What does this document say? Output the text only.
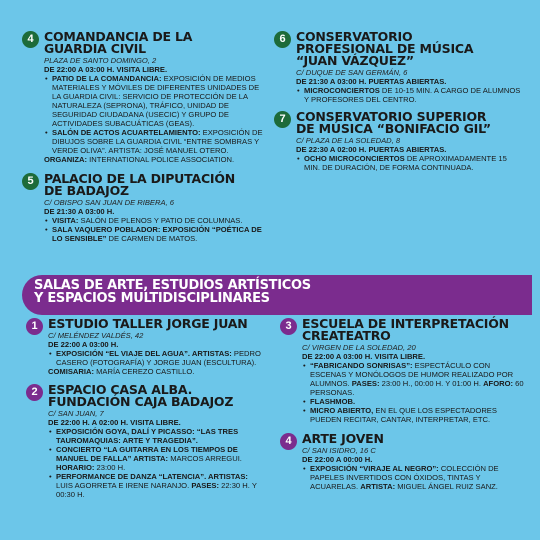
4 COMANDANCIA DE LA
GUARDIA CIVIL
PLAZA DE SANTO DOMINGO, 2
DE 22:00 A 03:00 H. VISITA LIBRE.
• PATIO DE LA COMANDANCIA: EXPOSICIÓN DE MEDIOS MATERIALES Y MÓVILES DE DIFERENTES UNIDADES DE LA GUARDIA CIVIL: SERVICIO DE PROTECCIÓN DE LA NATURALEZA (SEPRONA), TRÁFICO, UNIDAD DE SEGURIDAD CIUDADANA (USECIC) Y GRUPO DE ACTIVIDADES SUBACUÁTICAS (GEAS).
• SALÓN DE ACTOS ACUARTELAMIENTO: EXPOSICIÓN DE DIBUJOS SOBRE LA GUARDIA CIVIL “ENTRE SOMBRAS Y VERDE OLIVA”. ARTISTA: JOSÉ MANUEL OTERO.
ORGANIZA: INTERNATIONAL POLICE ASSOCIATION.
5 PALACIO DE LA DIPUTACIÓN
DE BADAJOZ
C/ OBISPO SAN JUAN DE RIBERA, 6
DE 21:30 A 03:00 H.
• VISITA: SALÓN DE PLENOS Y PATIO DE COLUMNAS.
• SALA VAQUERO POBLADOR: EXPOSICIÓN “POÉTICA DE LO SENSIBLE” DE CARMEN DE MATOS.
6 CONSERVATORIO
PROFESIONAL DE MÚSICA
“JUAN VÁZQUEZ”
C/ DUQUE DE SAN GERMÁN, 6
DE 21:30 A 03:00 H. PUERTAS ABIERTAS.
• MICROCONCIERTOS DE 10-15 MIN. A CARGO DE ALUMNOS Y PROFESORES DEL CENTRO.
7 CONSERVATORIO SUPERIOR
DE MÚSICA “BONIFACIO GIL”
C/ PLAZA DE LA SOLEDAD, 8
DE 22:30 A 02:00 H. PUERTAS ABIERTAS.
• OCHO MICROCONCIERTOS DE APROXIMADAMENTE 15 MIN. DE DURACIÓN, DE FORMA CONTINUADA.
SALAS DE ARTE, ESTUDIOS ARTÍSTICOS
Y ESPACIOS MULTIDISCIPLINARES
1 ESTUDIO TALLER JORGE JUAN
C/ MELÉNDEZ VALDÉS, 42
DE 22:00 A 03:00 H.
• EXPOSICIÓN “EL VIAJE DEL AGUA”. ARTISTAS: PEDRO CASERO (FOTOGRAFÍA) Y JORGE JUAN (ESCULTURA).
COMISARIA: MARÍA CEREZO CASTILLO.
2 ESPACIO CASA ALBA.
FUNDACIÓN CAJA BADAJOZ
C/ SAN JUAN, 7
DE 22:00 H. A 02:00 H. VISITA LIBRE.
• EXPOSICIÓN GOYA, DALÍ Y PICASSO: “LAS TRES TAUROMAQUIAS: ARTE Y TRAGEDIA”.
• CONCIERTO “LA GUITARRA EN LOS TIEMPOS DE MANUEL DE FALLA” ARTISTA: MARCOS ARREGUI. HORARIO: 23:00 H.
• PERFORMANCE DE DANZA “LATENCIA”. ARTISTAS: LUIS AGORRETA E IRENE NARANJO. PASES: 22:30 H. Y 00:30 H.
3 ESCUELA DE INTERPRETACIÓN
CREATEATRO
C/ VIRGEN DE LA SOLEDAD, 20
DE 22:00 A 03:00 H. VISITA LIBRE.
• “FABRICANDO SONRISAS”: ESPECTÁCULO CON ESCENAS Y MONÓLOGOS DE HUMOR REALIZADO POR ALUMNOS. PASES: 23:00 H., 00:00 H. Y 01:00 H. AFORO: 60 PERSONAS.
• FLASHMOB.
• MICRO ABIERTO, EN EL QUE LOS ESPECTADORES PUEDEN RECITAR, CANTAR, INTERPRETAR, ETC.
4 ARTE JOVEN
C/ SAN ISIDRO, 16 C
DE 22:00 A 00:00 H.
• EXPOSICIÓN “VIRAJE AL NEGRO”: COLECCIÓN DE PAPELES INVERTIDOS CON ÓXIDOS, TINTAS Y ACUARELAS. ARTISTA: MIGUEL ÁNGEL RUIZ SANZ.
